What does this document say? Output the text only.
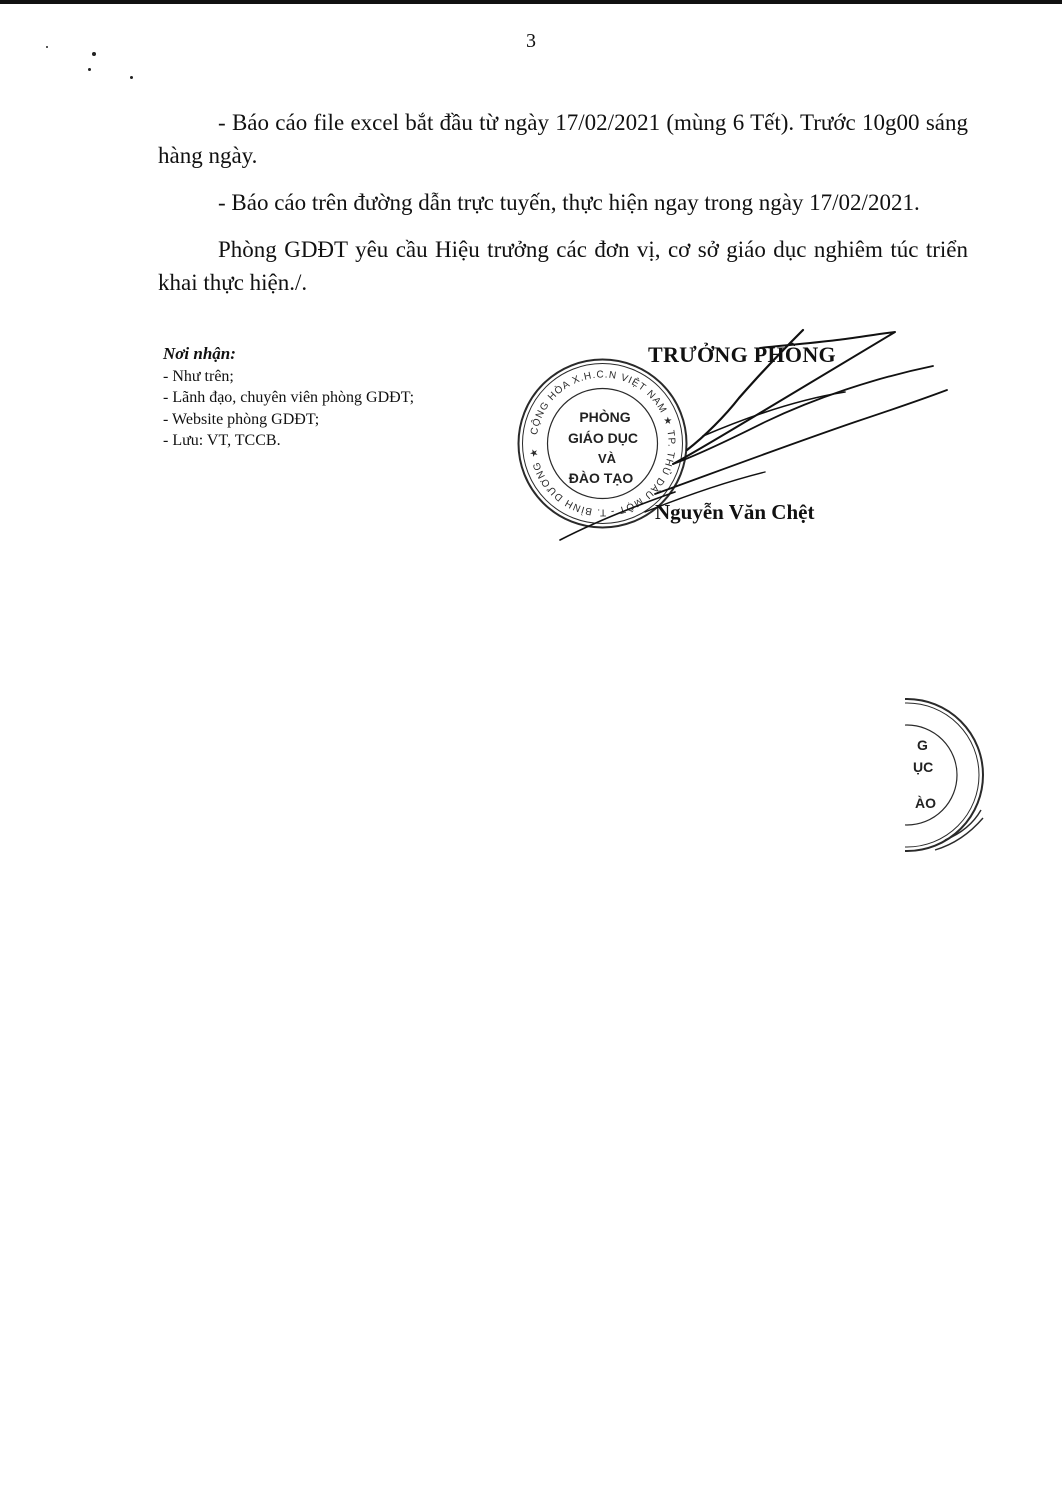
3

- Báo cáo file excel bắt đầu từ ngày 17/02/2021 (mùng 6 Tết). Trước 10g00 sáng hàng ngày.

- Báo cáo trên đường dẫn trực tuyến, thực hiện ngay trong ngày 17/02/2021.

Phòng GDĐT yêu cầu Hiệu trưởng các đơn vị, cơ sở giáo dục nghiêm túc triển khai thực hiện./.

Nơi nhận:

- Như trên;

- Lãnh đạo, chuyên viên phòng GDĐT;

- Website phòng GDĐT;

- Lưu: VT, TCCB.

CỘNG HÒA X.H.C.N VIỆT NAM ★ TP. THỦ DẦU MỘT - T. BÌNH DƯƠNG ★
PHÒNG
GIÁO DỤC
VÀ
ĐÀO TẠO
TRƯỞNG PHÒNG
Nguyễn Văn Chệt
G
ỤC
ÀO
